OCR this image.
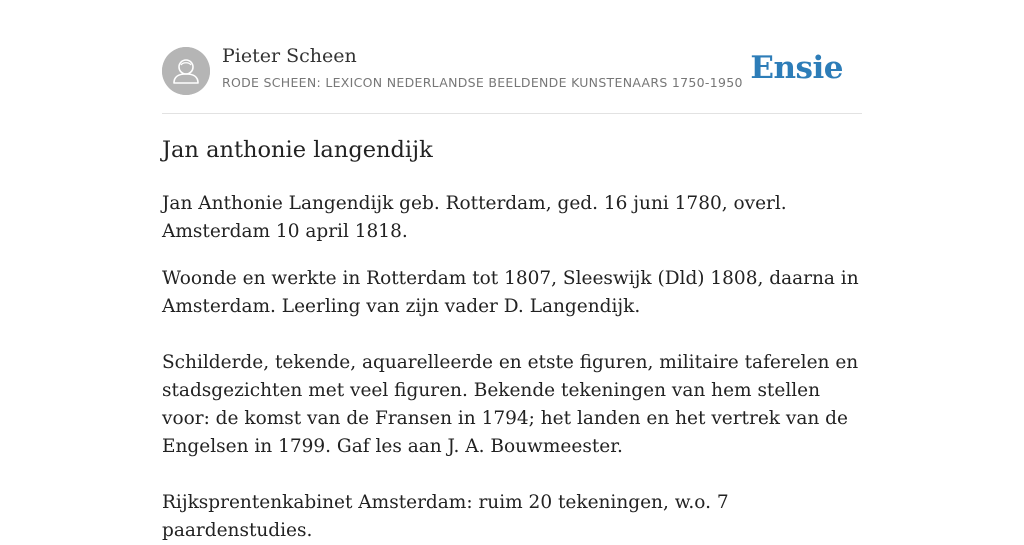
Pieter Scheen
RODE SCHEEN: LEXICON NEDERLANDSE BEELDENDE KUNSTENAARS 1750-1950 Ensie
Jan anthonie langendijk

Jan Anthonie Langendijk geb. Rotterdam, ged. 16 juni 1780, overl. Amsterdam 10 april 1818.

Woonde en werkte in Rotterdam tot 1807, Sleeswijk (Dld) 1808, daarna in Amsterdam. Leerling van zijn vader D. Langendijk.

Schilderde, tekende, aquarelleerde en etste figuren, militaire taferelen en stadsgezichten met veel figuren. Bekende tekeningen van hem stellen voor: de komst van de Fransen in 1794; het landen en het vertrek van de Engelsen in 1799. Gaf les aan J. A. Bouwmeester.

Rijksprentenkabinet Amsterdam: ruim 20 tekeningen, w.o. 7 paardenstudies.
